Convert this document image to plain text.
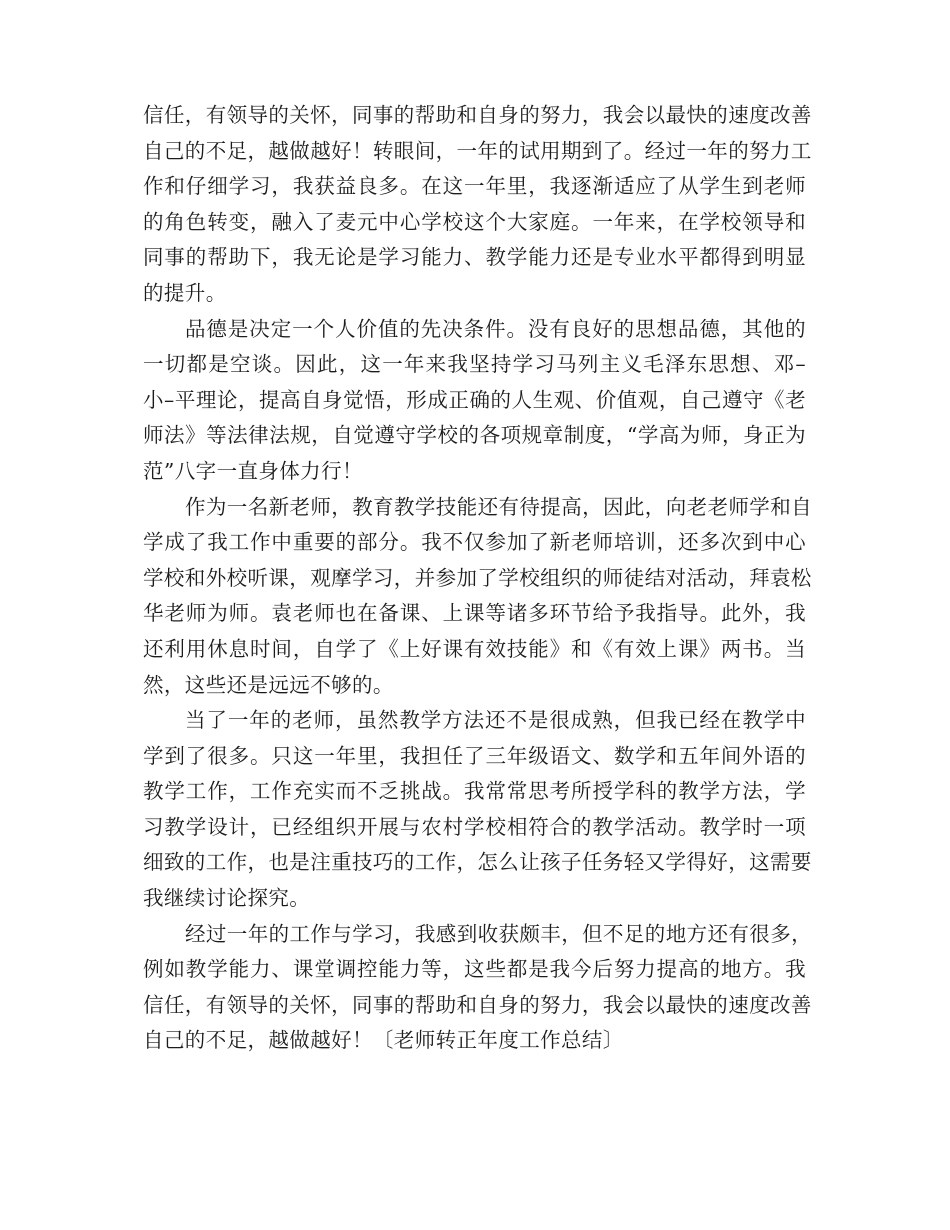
信任，有领导的关怀，同事的帮助和自身的努力，我会以最快的速度改善
自己的不足，越做越好！转眼间，一年的试用期到了。经过一年的努力工
作和仔细学习，我获益良多。在这一年里，我逐渐适应了从学生到老师
的角色转变，融入了麦元中心学校这个大家庭。一年来，在学校领导和
同事的帮助下，我无论是学习能力、教学能力还是专业水平都得到明显
的提升。
品德是决定一个人价值的先决条件。没有良好的思想品德，其他的
一切都是空谈。因此，这一年来我坚持学习马列主义毛泽东思想、邓–
小–平理论，提高自身觉悟，形成正确的人生观、价值观，自己遵守《老
师法》等法律法规，自觉遵守学校的各项规章制度，“学高为师，身正为
范”八字一直身体力行！
作为一名新老师，教育教学技能还有待提高，因此，向老老师学和自
学成了我工作中重要的部分。我不仅参加了新老师培训，还多次到中心
学校和外校听课，观摩学习，并参加了学校组织的师徒结对活动，拜袁松
华老师为师。袁老师也在备课、上课等诸多环节给予我指导。此外，我
还利用休息时间，自学了《上好课有效技能》和《有效上课》两书。当
然，这些还是远远不够的。
当了一年的老师，虽然教学方法还不是很成熟，但我已经在教学中
学到了很多。只这一年里，我担任了三年级语文、数学和五年间外语的
教学工作，工作充实而不乏挑战。我常常思考所授学科的教学方法，学
习教学设计，已经组织开展与农村学校相符合的教学活动。教学时一项
细致的工作，也是注重技巧的工作，怎么让孩子任务轻又学得好，这需要
我继续讨论探究。
经过一年的工作与学习，我感到收获颇丰，但不足的地方还有很多，
例如教学能力、课堂调控能力等，这些都是我今后努力提高的地方。我
信任，有领导的关怀，同事的帮助和自身的努力，我会以最快的速度改善
自己的不足，越做越好！〔老师转正年度工作总结〕
